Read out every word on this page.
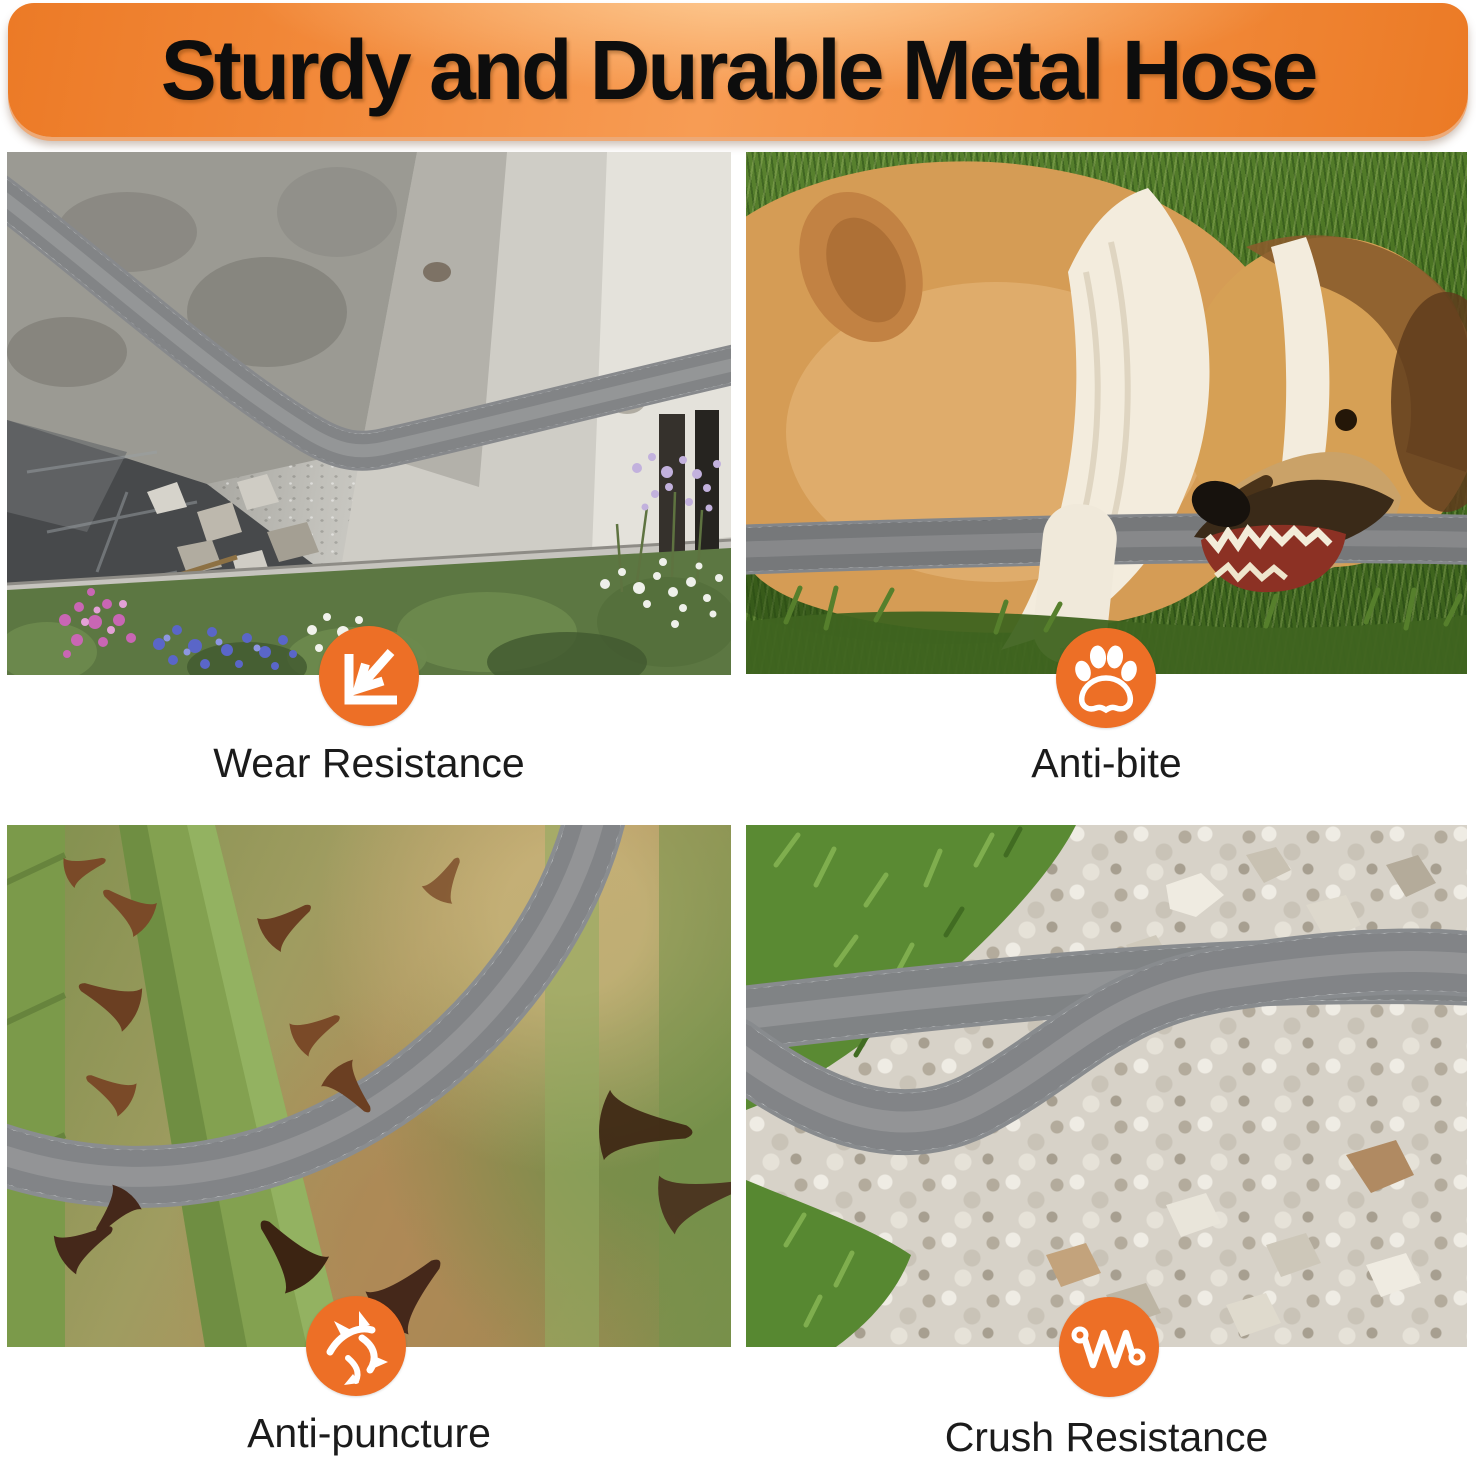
Sturdy and Durable Metal Hose
Wear Resistance	Anti-bite
Anti-puncture	Crush Resistance
